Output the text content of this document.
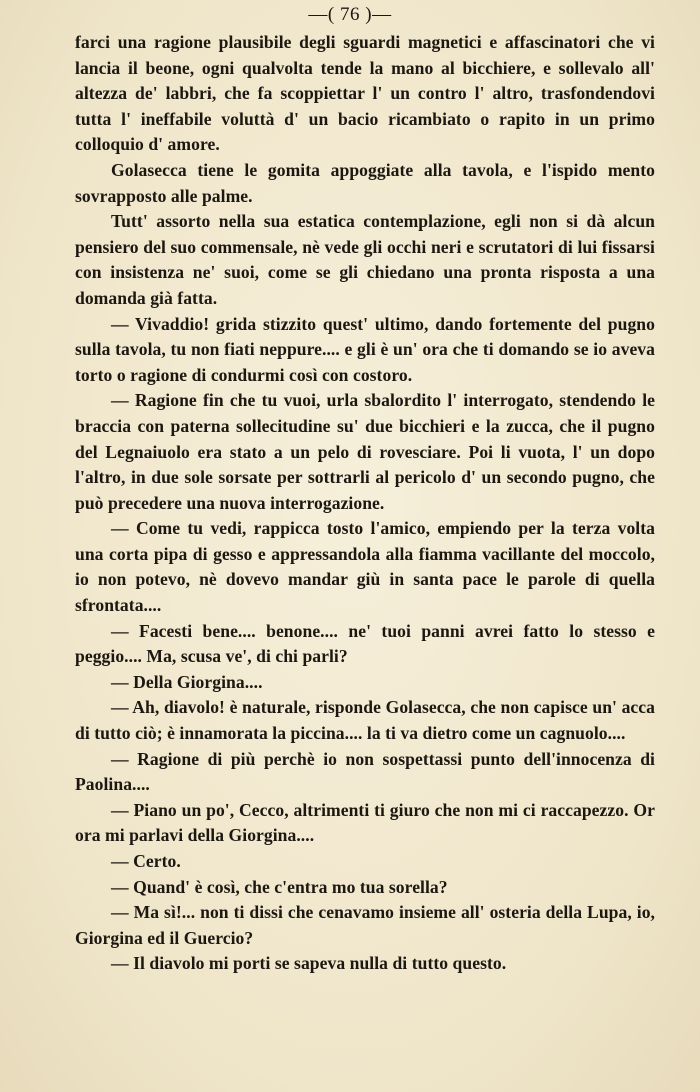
—( 76 )—

farci una ragione plausibile degli sguardi magnetici e affascinatori che vi lancia il beone, ogni qualvolta tende la mano al bicchiere, e sollevalo all' altezza de' labbri, che fa scoppiettar l' un contro l' altro, trasfondendovi tutta l' ineffabile voluttà d' un bacio ricambiato o rapito in un primo colloquio d' amore.

Golasecca tiene le gomita appoggiate alla tavola, e l'ispido mento sovrapposto alle palme.

Tutt' assorto nella sua estatica contemplazione, egli non si dà alcun pensiero del suo commensale, nè vede gli occhi neri e scrutatori di lui fissarsi con insistenza ne' suoi, come se gli chiedano una pronta risposta a una domanda già fatta.

— Vivaddio! grida stizzito quest' ultimo, dando fortemente del pugno sulla tavola, tu non fiati neppure.... e gli è un' ora che ti domando se io aveva torto o ragione di condurmi così con costoro.

— Ragione fin che tu vuoi, urla sbalordito l' interrogato, stendendo le braccia con paterna sollecitudine su' due bicchieri e la zucca, che il pugno del Legnaiuolo era stato a un pelo di rovesciare. Poi li vuota, l' un dopo l'altro, in due sole sorsate per sottrarli al pericolo d' un secondo pugno, che può precedere una nuova interrogazione.

— Come tu vedi, rappicca tosto l'amico, empiendo per la terza volta una corta pipa di gesso e appressandola alla fiamma vacillante del moccolo, io non potevo, nè dovevo mandar giù in santa pace le parole di quella sfrontata....

— Facesti bene.... benone.... ne' tuoi panni avrei fatto lo stesso e peggio.... Ma, scusa ve', di chi parli?

— Della Giorgina....

— Ah, diavolo! è naturale, risponde Golasecca, che non capisce un' acca di tutto ciò; è innamorata la piccina.... la ti va dietro come un cagnuolo....

— Ragione di più perchè io non sospettassi punto dell'innocenza di Paolina....

— Piano un po', Cecco, altrimenti ti giuro che non mi ci raccapezzo. Or ora mi parlavi della Giorgina....

— Certo.

— Quand' è così, che c'entra mo tua sorella?

— Ma sì!... non ti dissi che cenavamo insieme all' osteria della Lupa, io, Giorgina ed il Guercio?

— Il diavolo mi porti se sapeva nulla di tutto questo.
